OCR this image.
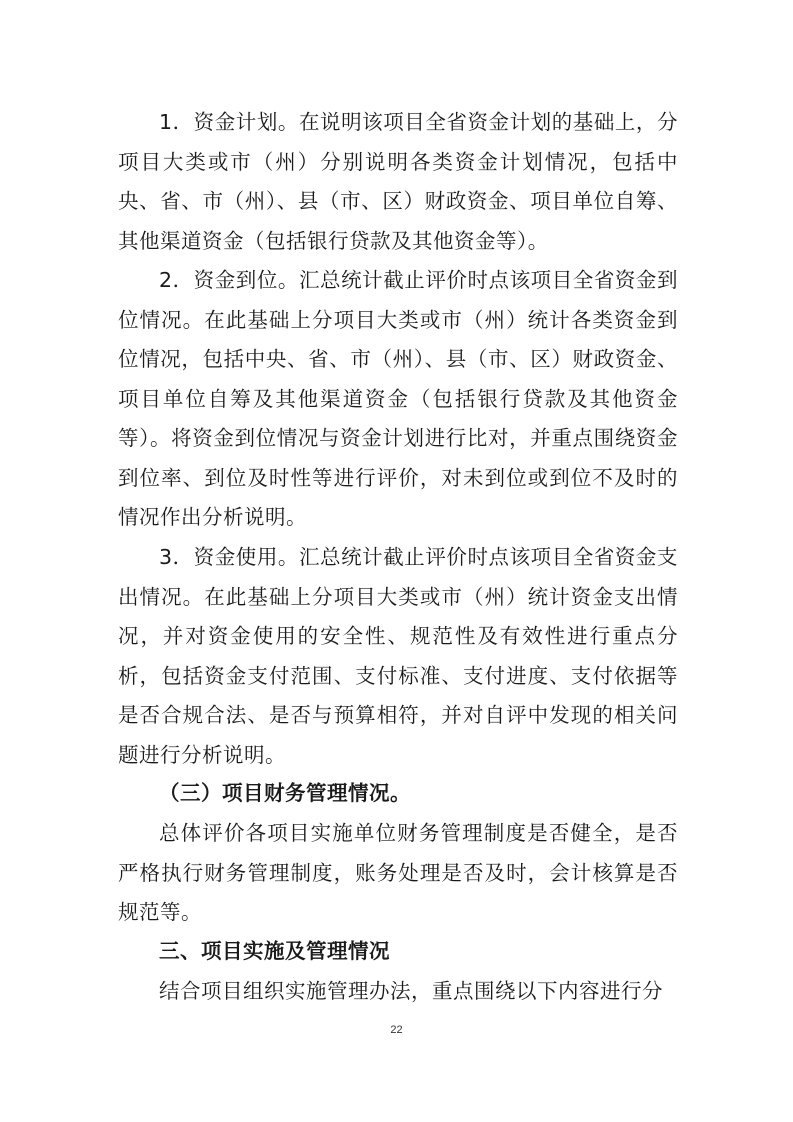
1．资金计划。在说明该项目全省资金计划的基础上，分项目大类或市（州）分别说明各类资金计划情况，包括中央、省、市（州）、县（市、区）财政资金、项目单位自筹、其他渠道资金（包括银行贷款及其他资金等）。

2．资金到位。汇总统计截止评价时点该项目全省资金到位情况。在此基础上分项目大类或市（州）统计各类资金到位情况，包括中央、省、市（州）、县（市、区）财政资金、项目单位自筹及其他渠道资金（包括银行贷款及其他资金等）。将资金到位情况与资金计划进行比对，并重点围绕资金到位率、到位及时性等进行评价，对未到位或到位不及时的情况作出分析说明。

3．资金使用。汇总统计截止评价时点该项目全省资金支出情况。在此基础上分项目大类或市（州）统计资金支出情况，并对资金使用的安全性、规范性及有效性进行重点分析，包括资金支付范围、支付标准、支付进度、支付依据等是否合规合法、是否与预算相符，并对自评中发现的相关问题进行分析说明。

（三）项目财务管理情况。

总体评价各项目实施单位财务管理制度是否健全，是否严格执行财务管理制度，账务处理是否及时，会计核算是否规范等。

三、项目实施及管理情况

结合项目组织实施管理办法，重点围绕以下内容进行分

22
